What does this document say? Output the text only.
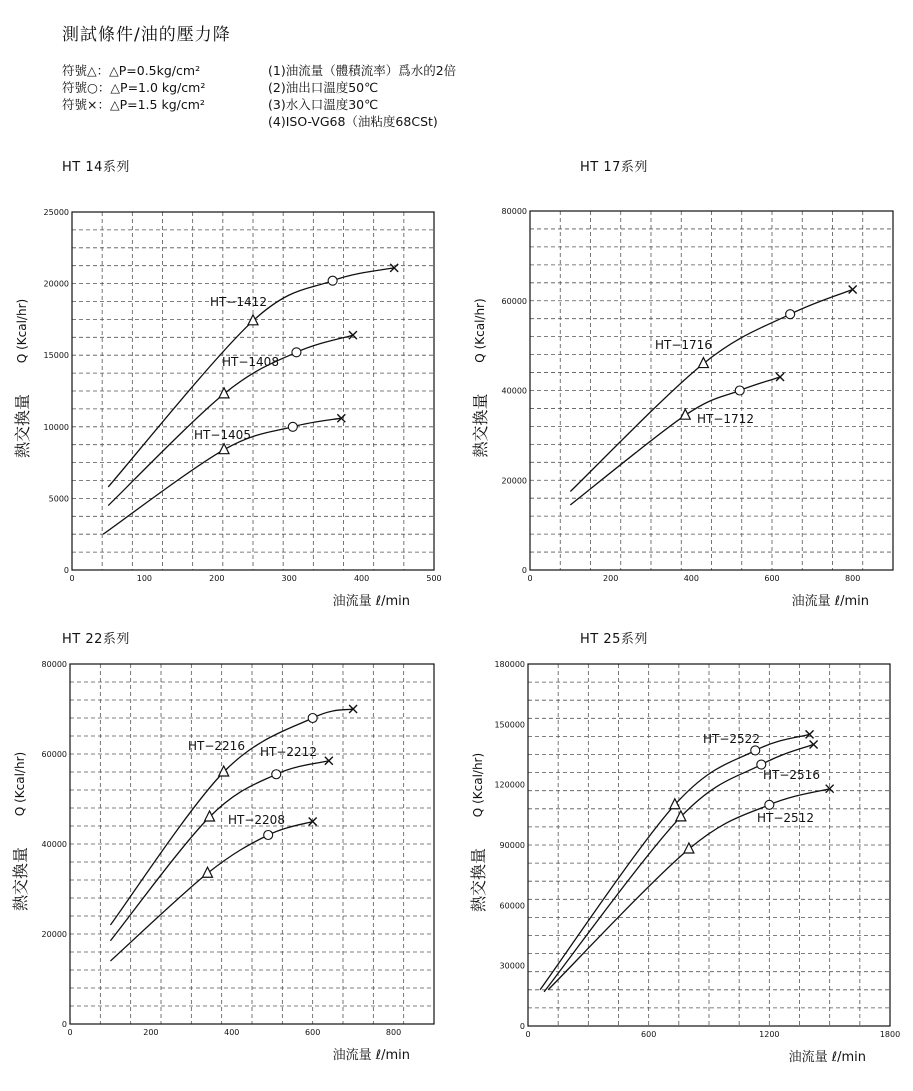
測試條件/油的壓力降
符號△：△P=0.5kg/cm²
符號○：△P=1.0 kg/cm²
符號×：△P=1.5 kg/cm²
(1)油流量（體積流率）爲水的2倍
(2)油出口溫度50℃
(3)水入口溫度30℃
(4)ISO-VG68（油粘度68CSt)
HT 14系列	HT 17系列
HT 22系列	HT 25系列
0	100	200	300	400	500
0
5000
10000
15000
20000
25000
Q (Kcal/hr)
熱交換量
油流量 ℓ/min
HT−1412
HT−1408
HT−1405
0	200	400	600	800
0
20000
40000
60000
80000
Q (Kcal/hr)
熱交換量
油流量 ℓ/min
HT−1716
HT−1712
0	200	400	600	800
0
20000
40000
60000
80000
Q (Kcal/hr)
熱交換量
油流量 ℓ/min
HT−2216 HT−2212
HT−2208
0	600	1200	1800
0
30000
60000
90000
120000
150000
180000
Q (Kcal/hr)
熱交換量
油流量 ℓ/min
HT−2522
HT−2516
HT−2512
